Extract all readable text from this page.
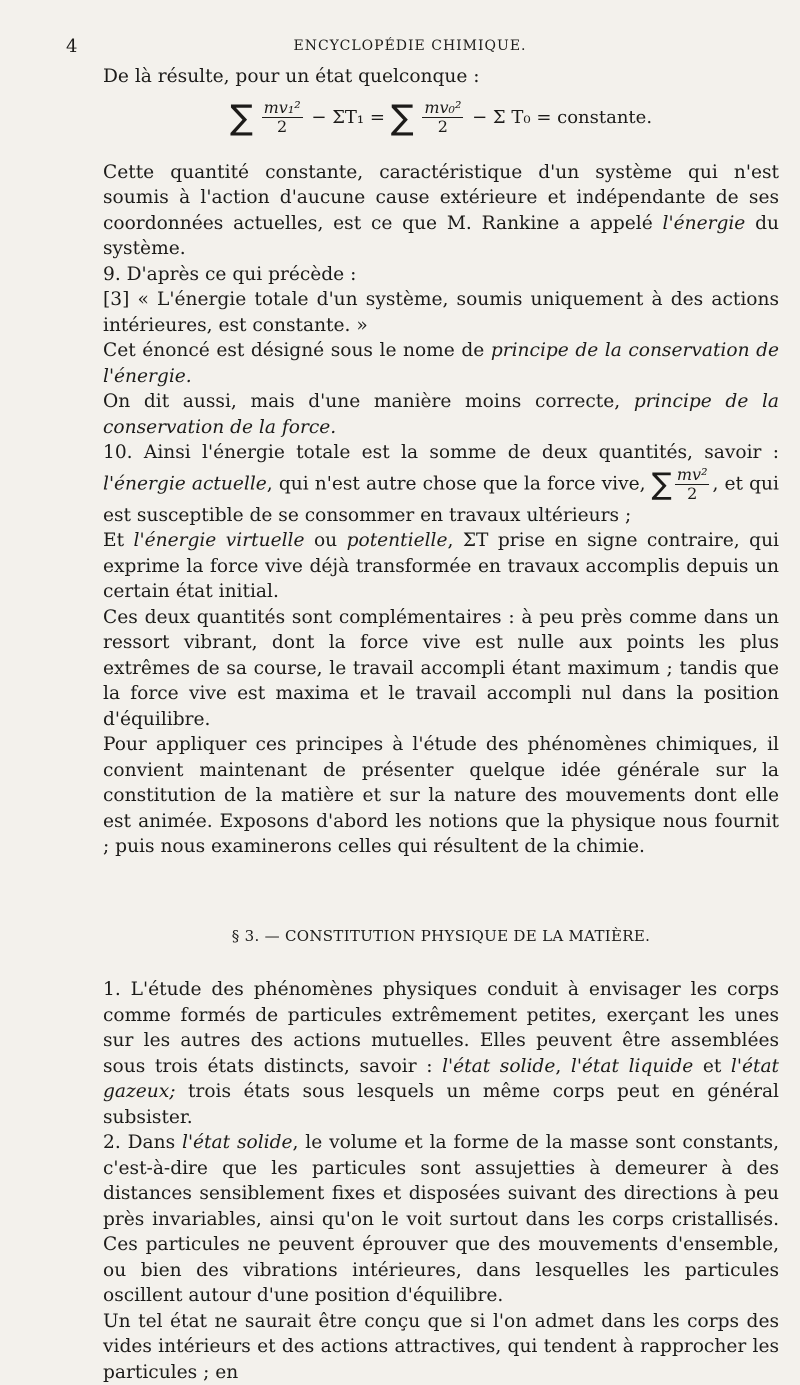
4	ENCYCLOPÉDIE CHIMIQUE.

De là résulte, pour un état quelconque :

∑ $\frac{\text{mv₁²}}{2} - \Sigma T_1$ = ∑ $\frac{\text{mv₀²}}{2} - \Sigma$ T₀ = constante.

Cette quantité constante, caractéristique d'un système qui n'est soumis à l'action d'aucune cause extérieure et indépendante de ses coordonnées actuelles, est ce que M. Rankine a appelé l'énergie du système.

9. D'après ce qui précède :

[3] « L'énergie totale d'un système, soumis uniquement à des actions intérieures, est constante. »

Cet énoncé est désigné sous le nome de principe de la conservation de l'énergie.

On dit aussi, mais d'une manière moins correcte, principe de la conservation de la force.

10. Ainsi l'énergie totale est la somme de deux quantités, savoir : l'énergie actuelle, qui n'est autre chose que la force vive, ∑ $\frac{\text{mv²}}{2}$ , et qui est susceptible de se consommer en travaux ultérieurs ;

Et l'énergie virtuelle ou potentielle, ΣT prise en signe contraire, qui exprime la force vive déjà transformée en travaux accomplis depuis un certain état initial.

Ces deux quantités sont complémentaires : à peu près comme dans un ressort vibrant, dont la force vive est nulle aux points les plus extrêmes de sa course, le travail accompli étant maximum ; tandis que la force vive est maxima et le travail accompli nul dans la position d'équilibre.

Pour appliquer ces principes à l'étude des phénomènes chimiques, il convient maintenant de présenter quelque idée générale sur la constitution de la matière et sur la nature des mouvements dont elle est animée. Exposons d'abord les notions que la physique nous fournit ; puis nous examinerons celles qui résultent de la chimie.

§ 3. — CONSTITUTION PHYSIQUE DE LA MATIÈRE.

1. L'étude des phénomènes physiques conduit à envisager les corps comme formés de particules extrêmement petites, exerçant les unes sur les autres des actions mutuelles. Elles peuvent être assemblées sous trois états distincts, savoir : l'état solide, l'état liquide et l'état gazeux; trois états sous lesquels un même corps peut en général subsister.

2. Dans l'état solide, le volume et la forme de la masse sont constants, c'est-à-dire que les particules sont assujetties à demeurer à des distances sensiblement fixes et disposées suivant des directions à peu près invariables, ainsi qu'on le voit surtout dans les corps cristallisés. Ces particules ne peuvent éprouver que des mouvements d'ensemble, ou bien des vibrations intérieures, dans lesquelles les particules oscillent autour d'une position d'équilibre.

Un tel état ne saurait être conçu que si l'on admet dans les corps des vides intérieurs et des actions attractives, qui tendent à rapprocher les particules ; en
